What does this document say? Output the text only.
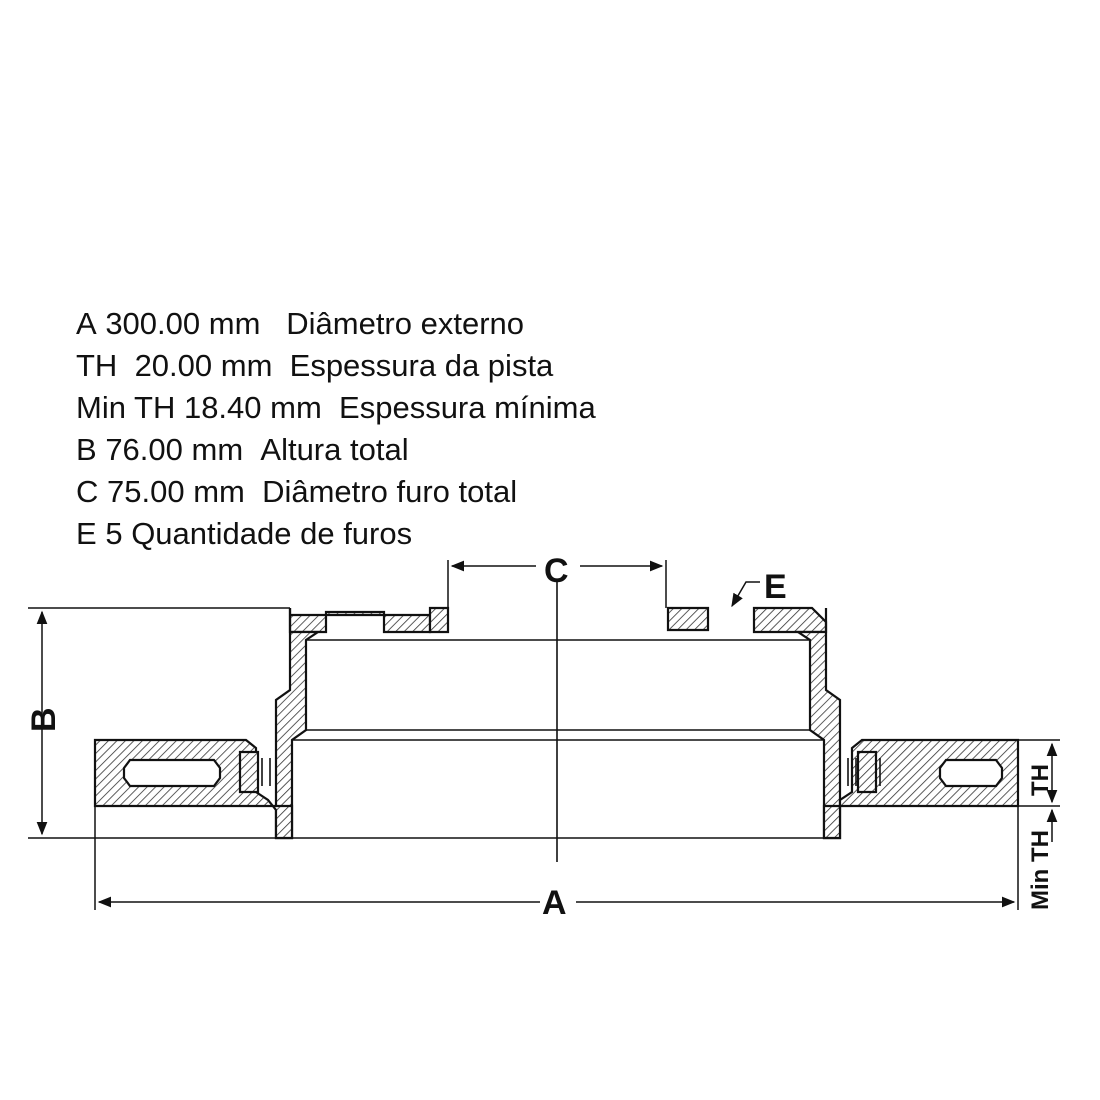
A 300.00 mm Diâmetro externo
TH 20.00 mm Espessura da pista
Min TH 18.40 mm Espessura mínima
B 76.00 mm Altura total
C 75.00 mm Diâmetro furo total
E 5 Quantidade de furos
C	E
B
A
TH
Min TH
